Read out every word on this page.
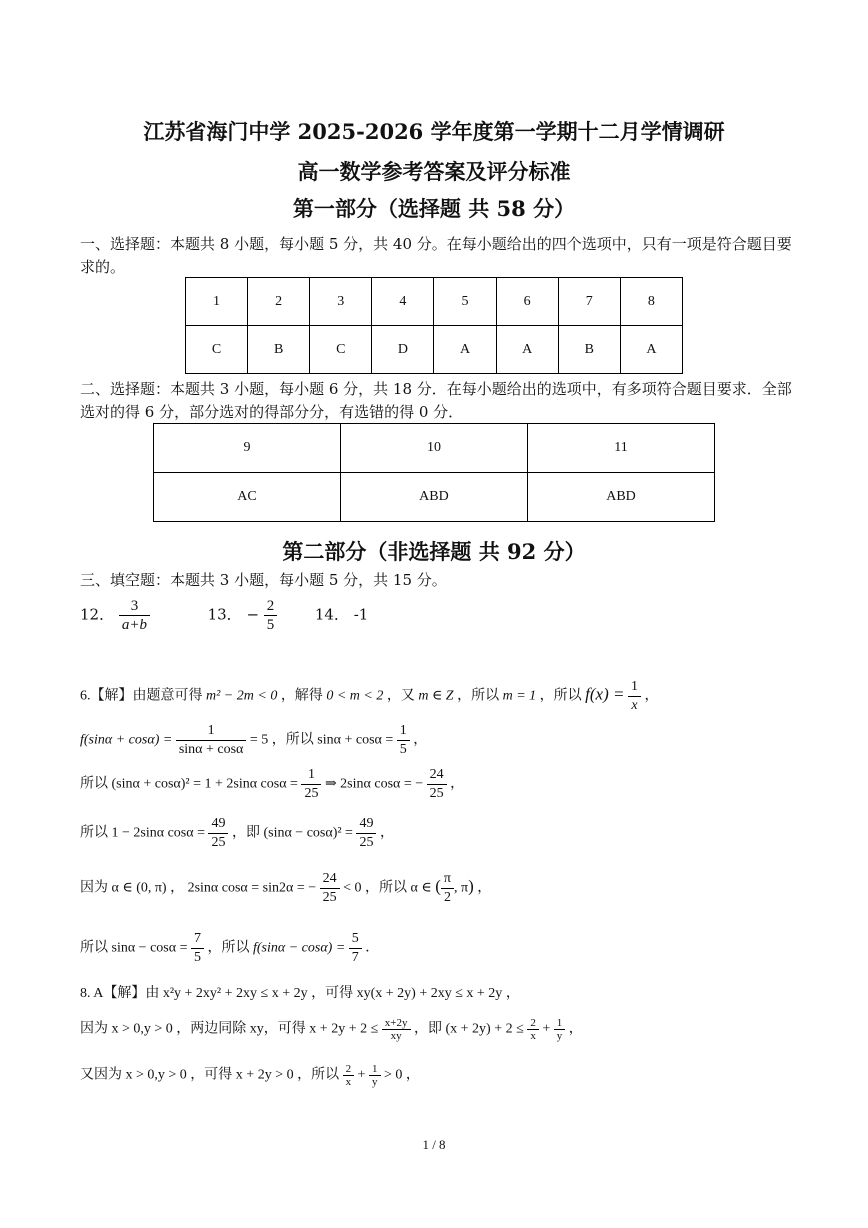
江苏省海门中学 2025-2026 学年度第一学期十二月学情调研
高一数学参考答案及评分标准
第一部分（选择题 共 58 分）
一、选择题：本题共 8 小题，每小题 5 分，共 40 分。在每小题给出的四个选项中，只有一项是符合题目要求的。
1	2	3	4	5	6	7	8
C	B	C	D	A	A	B	A
二、选择题：本题共 3 小题，每小题 6 分，共 18 分．在每小题给出的选项中，有多项符合题目要求．全部选对的得 6 分，部分选对的得部分分，有选错的得 0 分．
9	10	11
AC	ABD	ABD
第二部分（非选择题 共 92 分）
三、填空题：本题共 3 小题，每小题 5 分，共 15 分。
12． $\frac{3}{a+b}$	13． − $\frac{2}{5}$	14． -1
6.【解】由题意可得 m² − 2m < 0 ，解得 0 < m < 2 ，又 m ∈ Z ，所以 m = 1 ，所以 $f(x) = \frac{1}{x}$ ，
$f(\sin\alpha + \cos\alpha) = \frac{1}{\sin\alpha + \cos\alpha} = 5$ ，所以 $\sin\alpha + \cos\alpha = \frac{1}{5}$ ，
所以 (sinα + cosα)² = 1 + 2sinα $\cos\alpha = \frac{1}{25}$ ⇒ 2sinα cosα = − $\frac{24}{25}$ ，
所以 1 − 2sinα $\cos\alpha = \frac{49}{25}$ ，即 $(\sin\alpha - \cos\alpha)^2 = \frac{49}{25}$ ，
因为 α ∈ (0, π) ， 2sinα cosα = sin2α = − $\frac{24}{25} < 0$ ，所以 α ∈ ( $\frac{\pi}{2}$ , π) ，
所以 $\sin\alpha - \cos\alpha = \frac{7}{5}$ ，所以 $f(\sin\alpha - \cos\alpha) = \frac{5}{7}$ ．
8. A【解】由 x²y + 2xy² + 2xy ≤ x + 2y ，可得 xy(x + 2y) + 2xy ≤ x + 2y ，
因为 x > 0,y > 0 ，两边同除 xy，可得 $x + 2y + 2 \le \frac{x+2y}{xy}$ ，即 $(x + 2y) + 2 \le \frac{2}{x} + \frac{1}{y}$ ，
又因为 x > 0,y > 0 ，可得 x + 2y > 0 ，所以 $\frac{2}{x} + \frac{1}{y} > 0$ ，
1 / 8
